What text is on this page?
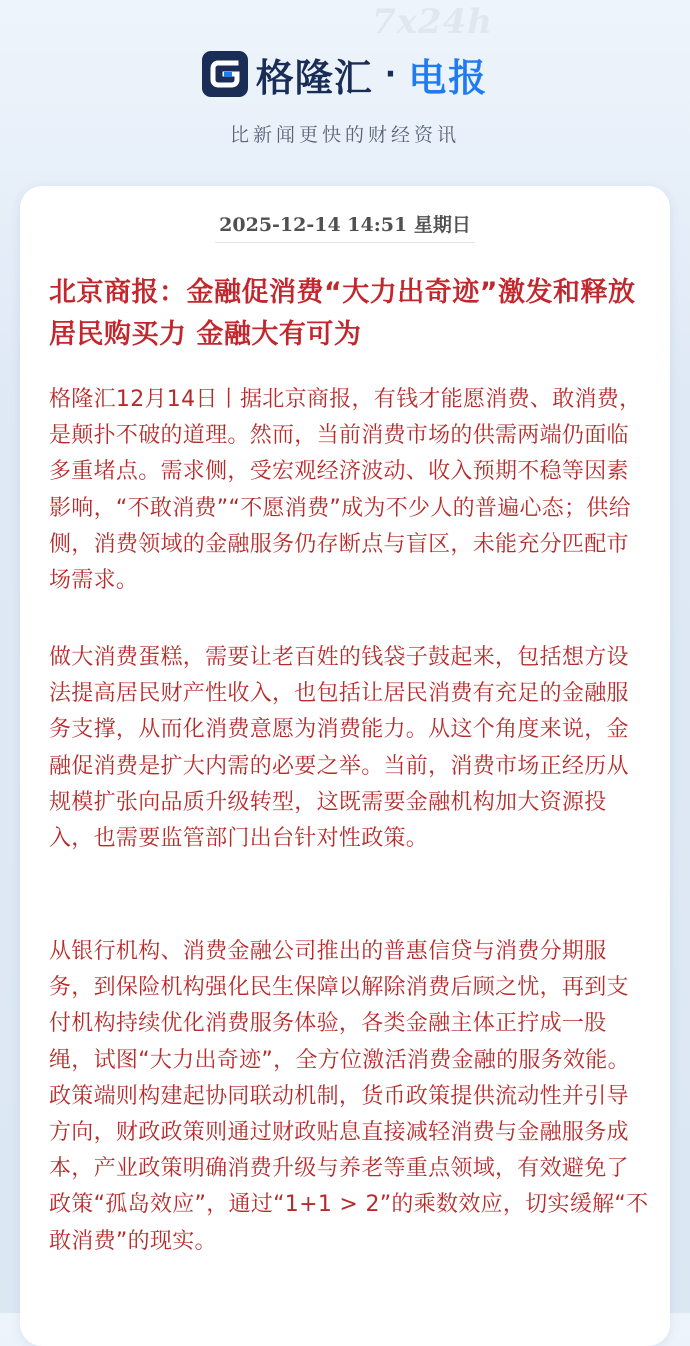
7x24h
格隆汇 · 电报
比新闻更快的财经资讯
2025-12-14 14:51 星期日
北京商报：金融促消费“大力出奇迹”激发和释放居民购买力 金融大有可为
格隆汇12月14日丨据北京商报，有钱才能愿消费、敢消费，是颠扑不破的道理。然而，当前消费市场的供需两端仍面临多重堵点。需求侧，受宏观经济波动、收入预期不稳等因素影响，“不敢消费”“不愿消费”成为不少人的普遍心态；供给侧，消费领域的金融服务仍存断点与盲区，未能充分匹配市场需求。
做大消费蛋糕，需要让老百姓的钱袋子鼓起来，包括想方设法提高居民财产性收入，也包括让居民消费有充足的金融服务支撑，从而化消费意愿为消费能力。从这个角度来说，金融促消费是扩大内需的必要之举。当前，消费市场正经历从规模扩张向品质升级转型，这既需要金融机构加大资源投入，也需要监管部门出台针对性政策。
从银行机构、消费金融公司推出的普惠信贷与消费分期服务，到保险机构强化民生保障以解除消费后顾之忧，再到支付机构持续优化消费服务体验，各类金融主体正拧成一股绳，试图“大力出奇迹”，全方位激活消费金融的服务效能。政策端则构建起协同联动机制，货币政策提供流动性并引导方向，财政政策则通过财政贴息直接减轻消费与金融服务成本，产业政策明确消费升级与养老等重点领域，有效避免了政策“孤岛效应”，通过“1+1 > 2”的乘数效应，切实缓解“不敢消费”的现实。
